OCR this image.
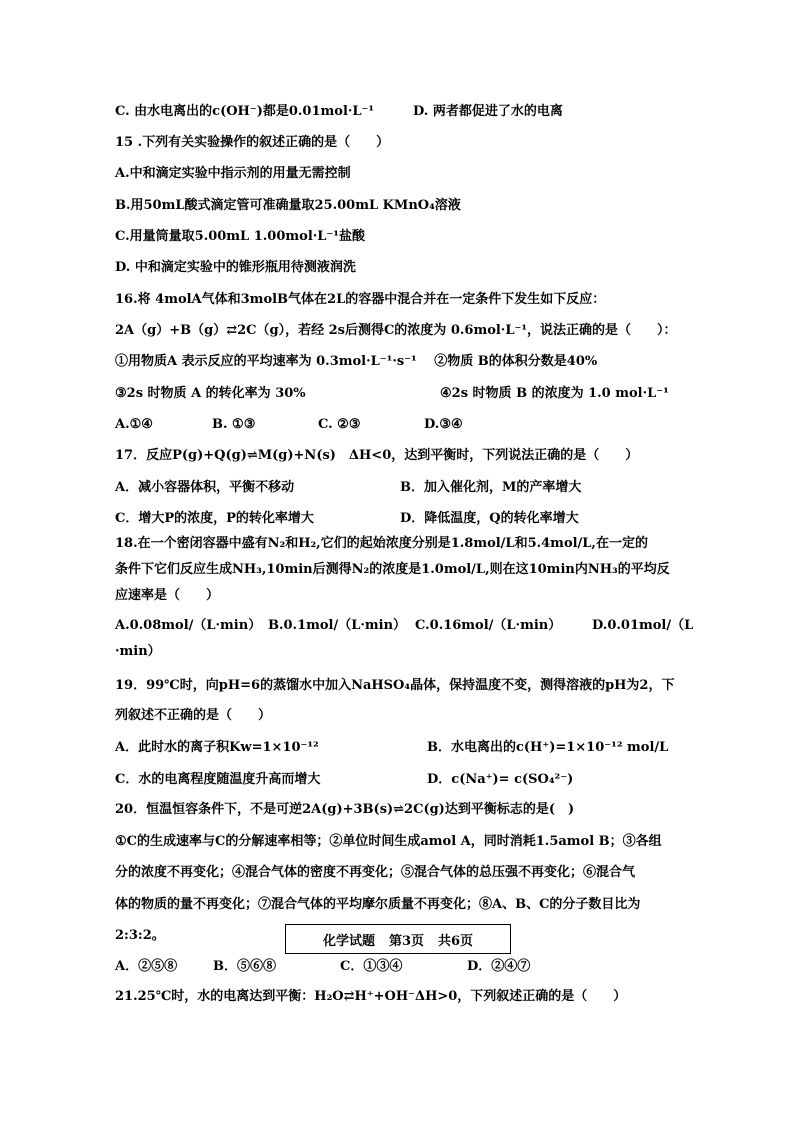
C. 由水电离出的c(OH⁻)都是0.01mol·L⁻¹	D. 两者都促进了水的电离
15 .下列有关实验操作的叙述正确的是（　　）
A.中和滴定实验中指示剂的用量无需控制
B.用50mL酸式滴定管可准确量取25.00mL KMnO₄溶液
C.用量筒量取5.00mL 1.00mol·L⁻¹盐酸
D. 中和滴定实验中的锥形瓶用待测液润洗
16.将 4molA气体和3molB气体在2L的容器中混合并在一定条件下发生如下反应：
2A（g）+B（g）⇄2C（g），若经 2s后测得C的浓度为 0.6mol·L⁻¹，说法正确的是（　　）：
①用物质A 表示反应的平均速率为 0.3mol·L⁻¹·s⁻¹　 ②物质 B的体积分数是40%
③2s 时物质 A 的转化率为 30%	④2s 时物质 B 的浓度为 1.0 mol·L⁻¹
A.①④	B. ①③	C. ②③	D.③④
17．反应P(g)+Q(g)⇌M(g)+N(s)　ΔH<0，达到平衡时，下列说法正确的是（　　）
A．减小容器体积，平衡不移动	B．加入催化剂，M的产率增大
C．增大P的浓度，P的转化率增大	D．降低温度，Q的转化率增大
18.在一个密闭容器中盛有N₂和H₂,它们的起始浓度分别是1.8mol/L和5.4mol/L,在一定的
条件下它们反应生成NH₃,10min后测得N₂的浓度是1.0mol/L,则在这10min内NH₃的平均反
应速率是（　　）
A.0.08mol/（L·min） B.0.1mol/（L·min） C.0.16mol/（L·min） D.0.01mol/（L
·min）
19．99℃时，向pH=6的蒸馏水中加入NaHSO₄晶体，保持温度不变，测得溶液的pH为2，下
列叙述不正确的是（　　）
A．此时水的离子积Kw=1×10⁻¹²	B．水电离出的c(H⁺)=1×10⁻¹² mol/L
C．水的电离程度随温度升高而增大	D．c(Na⁺)= c(SO₄²⁻)
20．恒温恒容条件下，不是可逆2A(g)+3B(s)⇌2C(g)达到平衡标志的是(　)
①C的生成速率与C的分解速率相等；②单位时间生成amol A，同时消耗1.5amol B；③各组
分的浓度不再变化；④混合气体的密度不再变化；⑤混合气体的总压强不再变化；⑥混合气
体的物质的量不再变化；⑦混合气体的平均摩尔质量不再变化；⑧A、B、C的分子数目比为
2:3:2。
A．②⑤⑧	B．⑤⑥⑧	C．①③④	D．②④⑦
21.25℃时，水的电离达到平衡：H₂O⇄H⁺+OH⁻ΔH>0，下列叙述正确的是（　　）
化学试题 第3页 共6页
